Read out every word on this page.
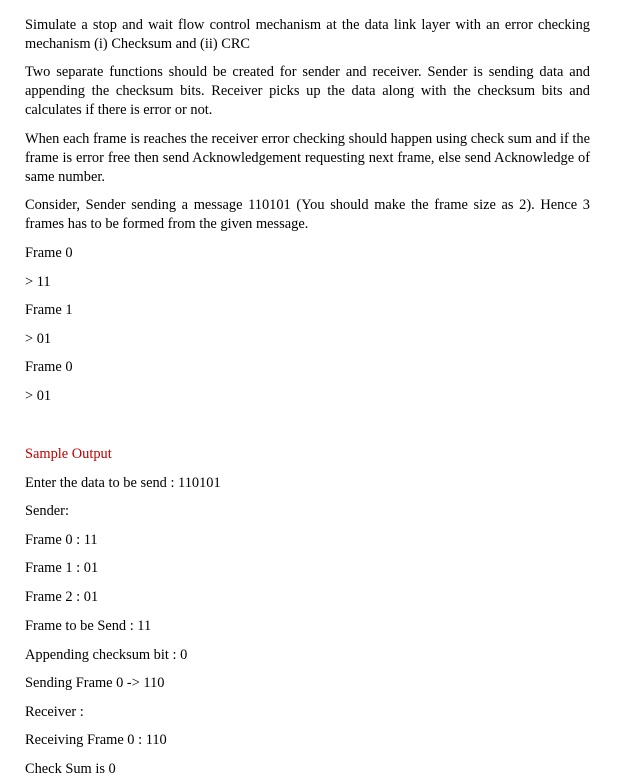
Simulate a stop and wait flow control mechanism at the data link layer with an error checking mechanism (i) Checksum and (ii) CRC

Two separate functions should be created for sender and receiver. Sender is sending data and appending the checksum bits. Receiver picks up the data along with the checksum bits and calculates if there is error or not.

When each frame is reaches the receiver error checking should happen using check sum and if the frame is error free then send Acknowledgement requesting next frame, else send Acknowledge of same number.

Consider, Sender sending a message 110101 (You should make the frame size as 2). Hence 3 frames has to be formed from the given message.

Frame 0

> 11

Frame 1

> 01

Frame 0

> 01

Sample Output

Enter the data to be send : 110101

Sender:

Frame 0 : 11

Frame 1 : 01

Frame 2 : 01

Frame to be Send : 11

Appending checksum bit : 0

Sending Frame 0 -> 110

Receiver :

Receiving Frame 0 : 110

Check Sum is 0
